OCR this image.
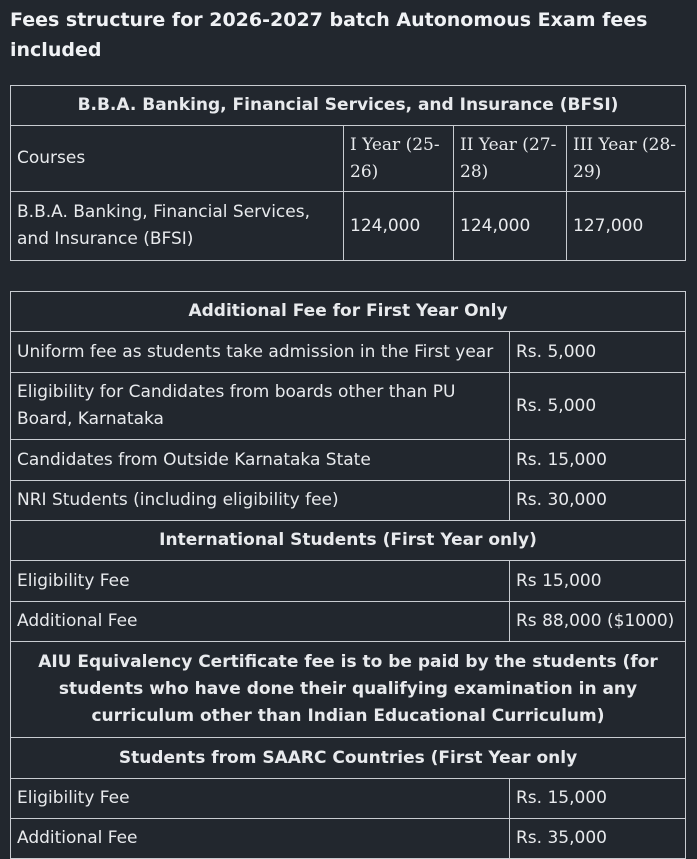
Fees structure for 2026-2027 batch Autonomous Exam fees included
B.B.A. Banking, Financial Services, and Insurance (BFSI)			
Courses	I Year (25-26)	II Year (27-28)	III Year (28-29)
B.B.A. Banking, Financial Services, and Insurance (BFSI)	124,000	124,000	127,000
Additional Fee for First Year Only	
Uniform fee as students take admission in the First year	Rs. 5,000
Eligibility for Candidates from boards other than PU Board, Karnataka	Rs. 5,000
Candidates from Outside Karnataka State	Rs. 15,000
NRI Students (including eligibility fee)	Rs. 30,000
International Students (First Year only)	
Eligibility Fee	Rs 15,000
Additional Fee	Rs 88,000 ($1000)
AIU Equivalency Certificate fee is to be paid by the students (for students who have done their qualifying examination in any curriculum other than Indian Educational Curriculum)	
Students from SAARC Countries (First Year only	
Eligibility Fee	Rs. 15,000
Additional Fee	Rs. 35,000
